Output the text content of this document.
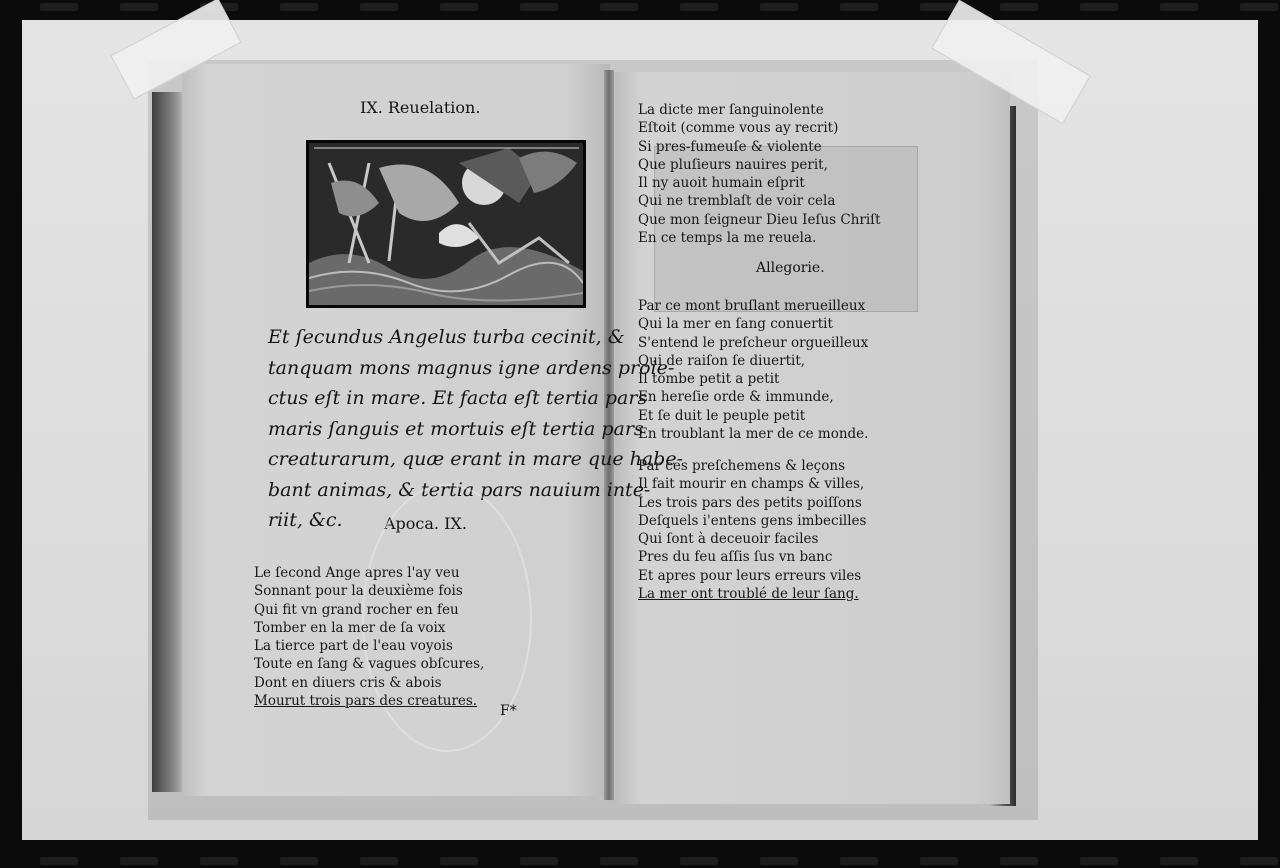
IX. Reuelation.
Et ſecundus Angelus turba cecinit, &
tanquam mons magnus igne ardens proie-
ctus eſt in mare. Et facta eſt tertia pars
maris ſanguis et mortuis eſt tertia pars
creaturarum, quæ erant in mare que habe-
bant animas, & tertia pars nauium inte-
riit, &c.	Apoca. IX.
Le ſecond Ange apres l'ay veu
Sonnant pour la deuxième fois
Qui fit vn grand rocher en feu
Tomber en la mer de ſa voix
La tierce part de l'eau voyois
Toute en ſang & vagues obſcures,
Dont en diuers cris & abois
Mourut trois pars des creatures.
F*
La dicte mer ſanguinolente
Eſtoit (comme vous ay recrit)
Si pres-fumeuſe & violente
Que pluſieurs nauires perit,
Il ny auoit humain eſprit
Qui ne tremblaſt de voir cela
Que mon ſeigneur Dieu Ieſus Chriſt
En ce temps la me reuela.
Allegorie.
Par ce mont bruſlant merueilleux
Qui la mer en ſang conuertit
S'entend le preſcheur orgueilleux
Qui de raiſon ſe diuertit,
Il tombe petit a petit
En hereſie orde & immunde,
Et ſe duit le peuple petit
En troublant la mer de ce monde.
Par ces preſchemens & leçons
Il fait mourir en champs & villes,
Les trois pars des petits poiſſons
Deſquels i'entens gens imbecilles
Qui ſont à deceuoir faciles
Pres du feu aſſis ſus vn banc
Et apres pour leurs erreurs viles
La mer ont troublé de leur ſang.
